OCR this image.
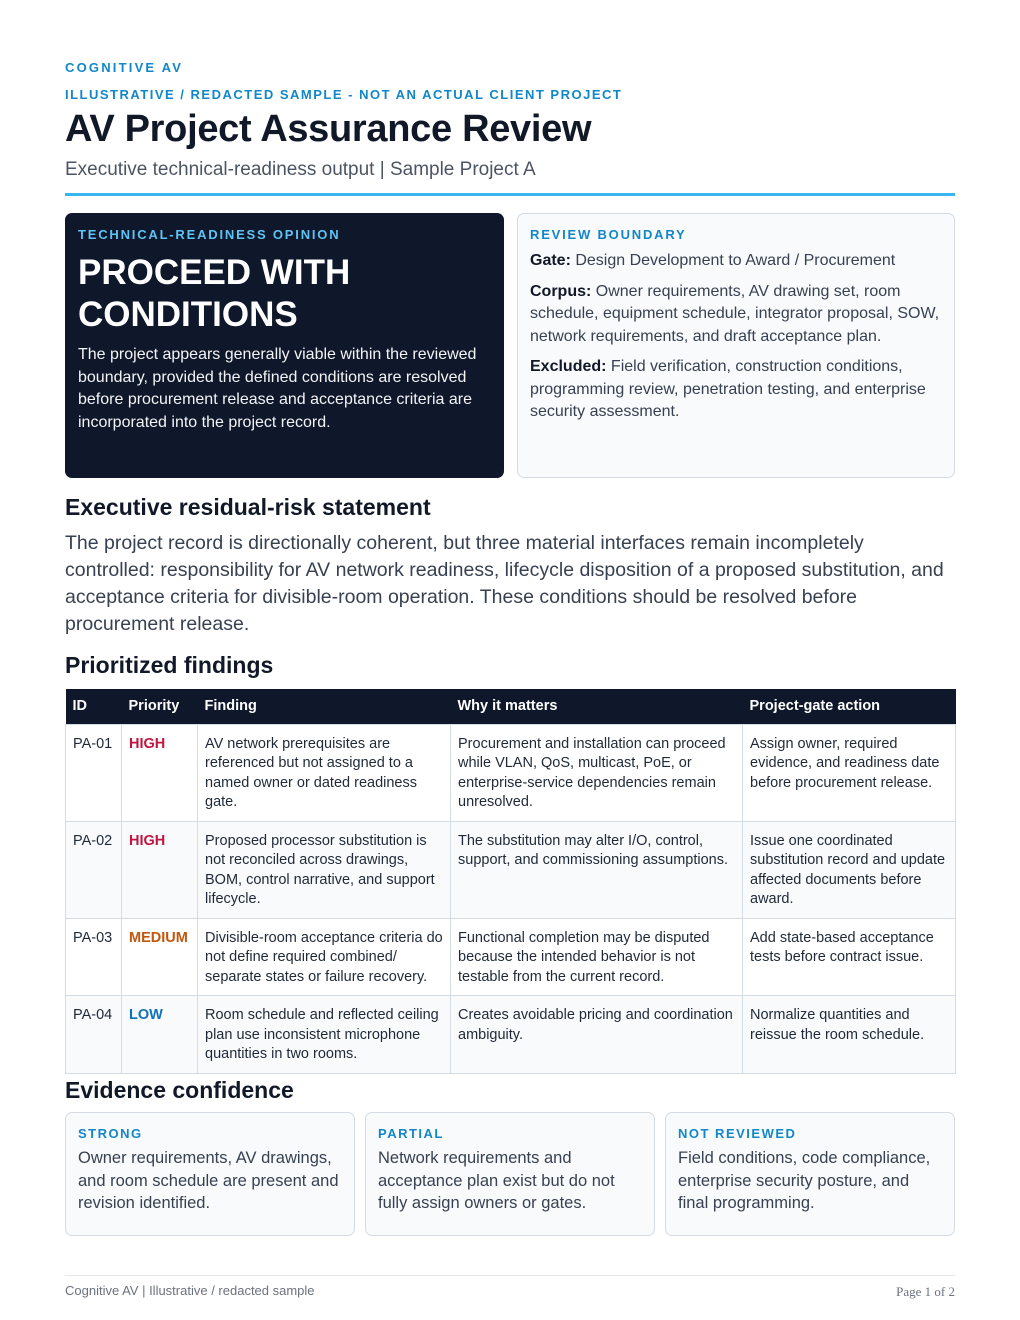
COGNITIVE AV
ILLUSTRATIVE / REDACTED SAMPLE - NOT AN ACTUAL CLIENT PROJECT
AV Project Assurance Review
Executive technical-readiness output | Sample Project A
TECHNICAL-READINESS OPINION
PROCEED WITH
CONDITIONS
The project appears generally viable within the reviewed boundary, provided the defined conditions are resolved before procurement release and acceptance criteria are incorporated into the project record.
REVIEW BOUNDARY

Gate: Design Development to Award / Procurement

Corpus: Owner requirements, AV drawing set, room schedule, equipment schedule, integrator proposal, SOW, network requirements, and draft acceptance plan.

Excluded: Field verification, construction conditions, programming review, penetration testing, and enterprise security assessment.

Executive residual-risk statement
The project record is directionally coherent, but three material interfaces remain incompletely controlled: responsibility for AV network readiness, lifecycle disposition of a proposed substitution, and acceptance criteria for divisible-room operation. These conditions should be resolved before procurement release.
Prioritized findings
ID	Priority	Finding	Why it matters	Project-gate action
PA-01	HIGH	AV network prerequisites are referenced but not assigned to a named owner or dated readiness gate.	Procurement and installation can proceed while VLAN, QoS, multicast, PoE, or enterprise-service dependencies remain unresolved.	Assign owner, required evidence, and readiness date before procurement release.
PA-02	HIGH	Proposed processor substitution is not reconciled across drawings, BOM, control narrative, and support lifecycle.	The substitution may alter I/O, control, support, and commissioning assumptions.	Issue one coordinated substitution record and update affected documents before award.
PA-03	MEDIUM	Divisible-room acceptance criteria do not define required combined/ separate states or failure recovery.	Functional completion may be disputed because the intended behavior is not testable from the current record.	Add state-based acceptance tests before contract issue.
PA-04	LOW	Room schedule and reflected ceiling plan use inconsistent microphone quantities in two rooms.	Creates avoidable pricing and coordination ambiguity.	Normalize quantities and reissue the room schedule.
Evidence confidence
STRONG
Owner requirements, AV drawings, and room schedule are present and revision identified.
PARTIAL
Network requirements and acceptance plan exist but do not fully assign owners or gates.
NOT REVIEWED
Field conditions, code compliance, enterprise security posture, and final programming.
Cognitive AV | Illustrative / redacted sample	Page 1 of 2
